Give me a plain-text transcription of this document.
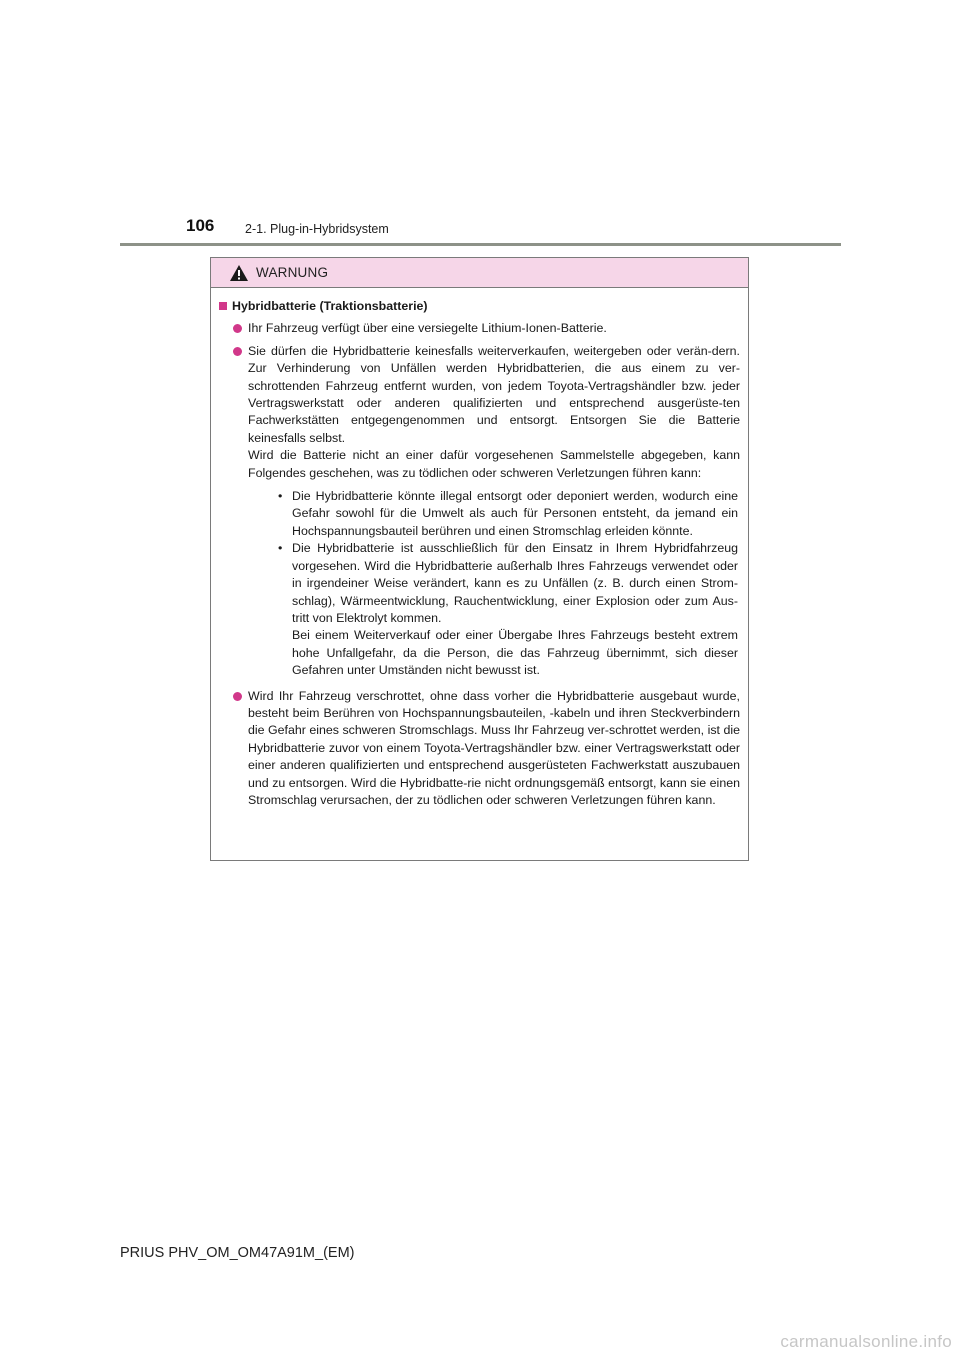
106 2-1. Plug-in-Hybridsystem
WARNUNG
Hybridbatterie (Traktionsbatterie)
Ihr Fahrzeug verfügt über eine versiegelte Lithium-Ionen-Batterie.
Sie dürfen die Hybridbatterie keinesfalls weiterverkaufen, weitergeben oder verän-dern. Zur Verhinderung von Unfällen werden Hybridbatterien, die aus einem zu ver-schrottenden Fahrzeug entfernt wurden, von jedem Toyota-Vertragshändler bzw. jeder Vertragswerkstatt oder anderen qualifizierten und entsprechend ausgerüste-ten Fachwerkstätten entgegengenommen und entsorgt. Entsorgen Sie die Batterie keinesfalls selbst.
Wird die Batterie nicht an einer dafür vorgesehenen Sammelstelle abgegeben, kann Folgendes geschehen, was zu tödlichen oder schweren Verletzungen führen kann:
• Die Hybridbatterie könnte illegal entsorgt oder deponiert werden, wodurch eine Gefahr sowohl für die Umwelt als auch für Personen entsteht, da jemand ein Hochspannungsbauteil berühren und einen Stromschlag erleiden könnte.
• Die Hybridbatterie ist ausschließlich für den Einsatz in Ihrem Hybridfahrzeug vorgesehen. Wird die Hybridbatterie außerhalb Ihres Fahrzeugs verwendet oder in irgendeiner Weise verändert, kann es zu Unfällen (z. B. durch einen Strom-schlag), Wärmeentwicklung, Rauchentwicklung, einer Explosion oder zum Aus-tritt von Elektrolyt kommen.
Bei einem Weiterverkauf oder einer Übergabe Ihres Fahrzeugs besteht extrem hohe Unfallgefahr, da die Person, die das Fahrzeug übernimmt, sich dieser Gefahren unter Umständen nicht bewusst ist.
Wird Ihr Fahrzeug verschrottet, ohne dass vorher die Hybridbatterie ausgebaut wurde, besteht beim Berühren von Hochspannungsbauteilen, -kabeln und ihren Steckverbindern die Gefahr eines schweren Stromschlags. Muss Ihr Fahrzeug ver-schrottet werden, ist die Hybridbatterie zuvor von einem Toyota-Vertragshändler bzw. einer Vertragswerkstatt oder einer anderen qualifizierten und entsprechend ausgerüsteten Fachwerkstatt auszubauen und zu entsorgen. Wird die Hybridbatte-rie nicht ordnungsgemäß entsorgt, kann sie einen Stromschlag verursachen, der zu tödlichen oder schweren Verletzungen führen kann.
PRIUS PHV_OM_OM47A91M_(EM)
carmanualsonline.info
